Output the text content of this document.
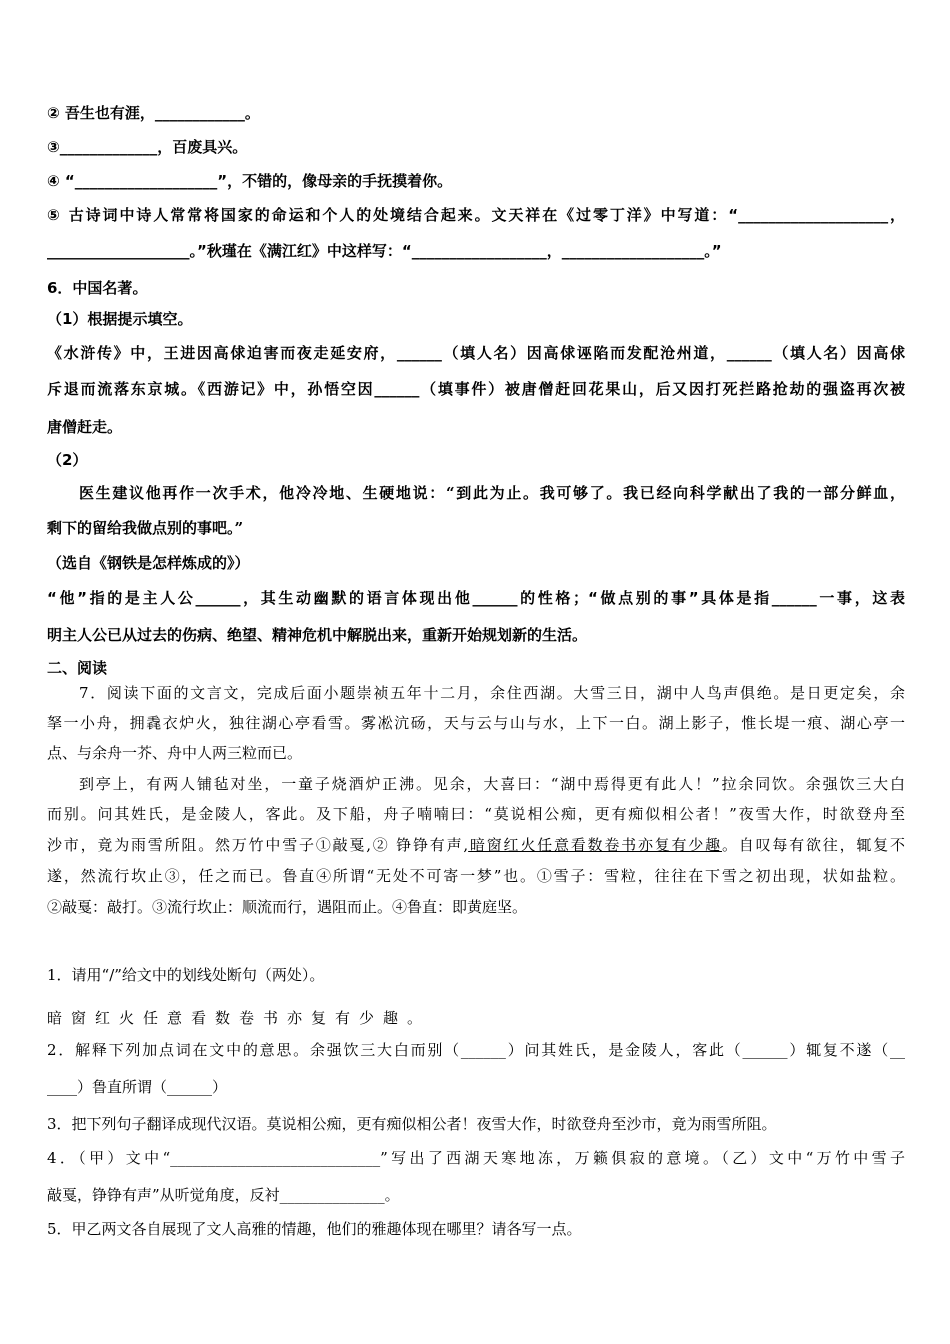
② 吾生也有涯，____________。
③_____________，百废具兴。
④ “___________________”，不错的，像母亲的手抚摸着你。
⑤ 古诗词中诗人常常将国家的命运和个人的处境结合起来。文天祥在《过零丁洋》中写道：“____________________，
___________________。”秋瑾在《满江红》中这样写：“__________________，___________________。”
6．中国名著。
（1）根据提示填空。
《水浒传》中，王进因高俅迫害而夜走延安府，______（填人名）因高俅诬陷而发配沧州道，______（填人名）因高俅
斥退而流落东京城。《西游记》中，孙悟空因______（填事件）被唐僧赶回花果山，后又因打死拦路抢劫的强盗再次被
唐僧赶走。
（2）
医生建议他再作一次手术，他冷冷地、生硬地说：“到此为止。我可够了。我已经向科学献出了我的一部分鲜血，
剩下的留给我做点别的事吧。”
（选自《钢铁是怎样炼成的》）
“他”指的是主人公______，其生动幽默的语言体现出他______的性格；“做点别的事”具体是指______一事，这表
明主人公已从过去的伤病、绝望、精神危机中解脱出来，重新开始规划新的生活。
二、阅读
7．阅读下面的文言文，完成后面小题崇祯五年十二月，余住西湖。大雪三日，湖中人鸟声俱绝。是日更定矣，余
拏一小舟，拥毳衣炉火，独往湖心亭看雪。雾凇沆砀，天与云与山与水，上下一白。湖上影子，惟长堤一痕、湖心亭一
点、与余舟一芥、舟中人两三粒而已。
到亭上，有两人铺毡对坐，一童子烧酒炉正沸。见余，大喜曰：“湖中焉得更有此人！”拉余同饮。余强饮三大白
而别。问其姓氏，是金陵人，客此。及下船，舟子喃喃曰：“莫说相公痴，更有痴似相公者！”夜雪大作，时欲登舟至
沙市，竟为雨雪所阻。然万竹中雪子①敲戛,② 铮铮有声,暗窗红火任意看数卷书亦复有少趣。自叹每有欲往，辄复不
遂，然流行坎止③，任之而已。鲁直④所谓“无处不可寄一梦”也。①雪子：雪粒，往往在下雪之初出现，状如盐粒。
②敲戛：敲打。③流行坎止：顺流而行，遇阻而止。④鲁直：即黄庭坚。
1．请用“/”给文中的划线处断句（两处）。
暗窗红火任意看数卷书亦复有少趣。
2．解释下列加点词在文中的意思。余强饮三大白而别（______）问其姓氏，是金陵人，客此（______）辄复不遂（__
____）鲁直所谓（______）
3．把下列句子翻译成现代汉语。莫说相公痴，更有痴似相公者！夜雪大作，时欲登舟至沙市，竟为雨雪所阻。
4．（甲）文中“____________________________”写出了西湖天寒地冻，万籁俱寂的意境。（乙）文中“万竹中雪子
敲戛，铮铮有声”从听觉角度，反衬______________。
5．甲乙两文各自展现了文人高雅的情趣，他们的雅趣体现在哪里？请各写一点。
